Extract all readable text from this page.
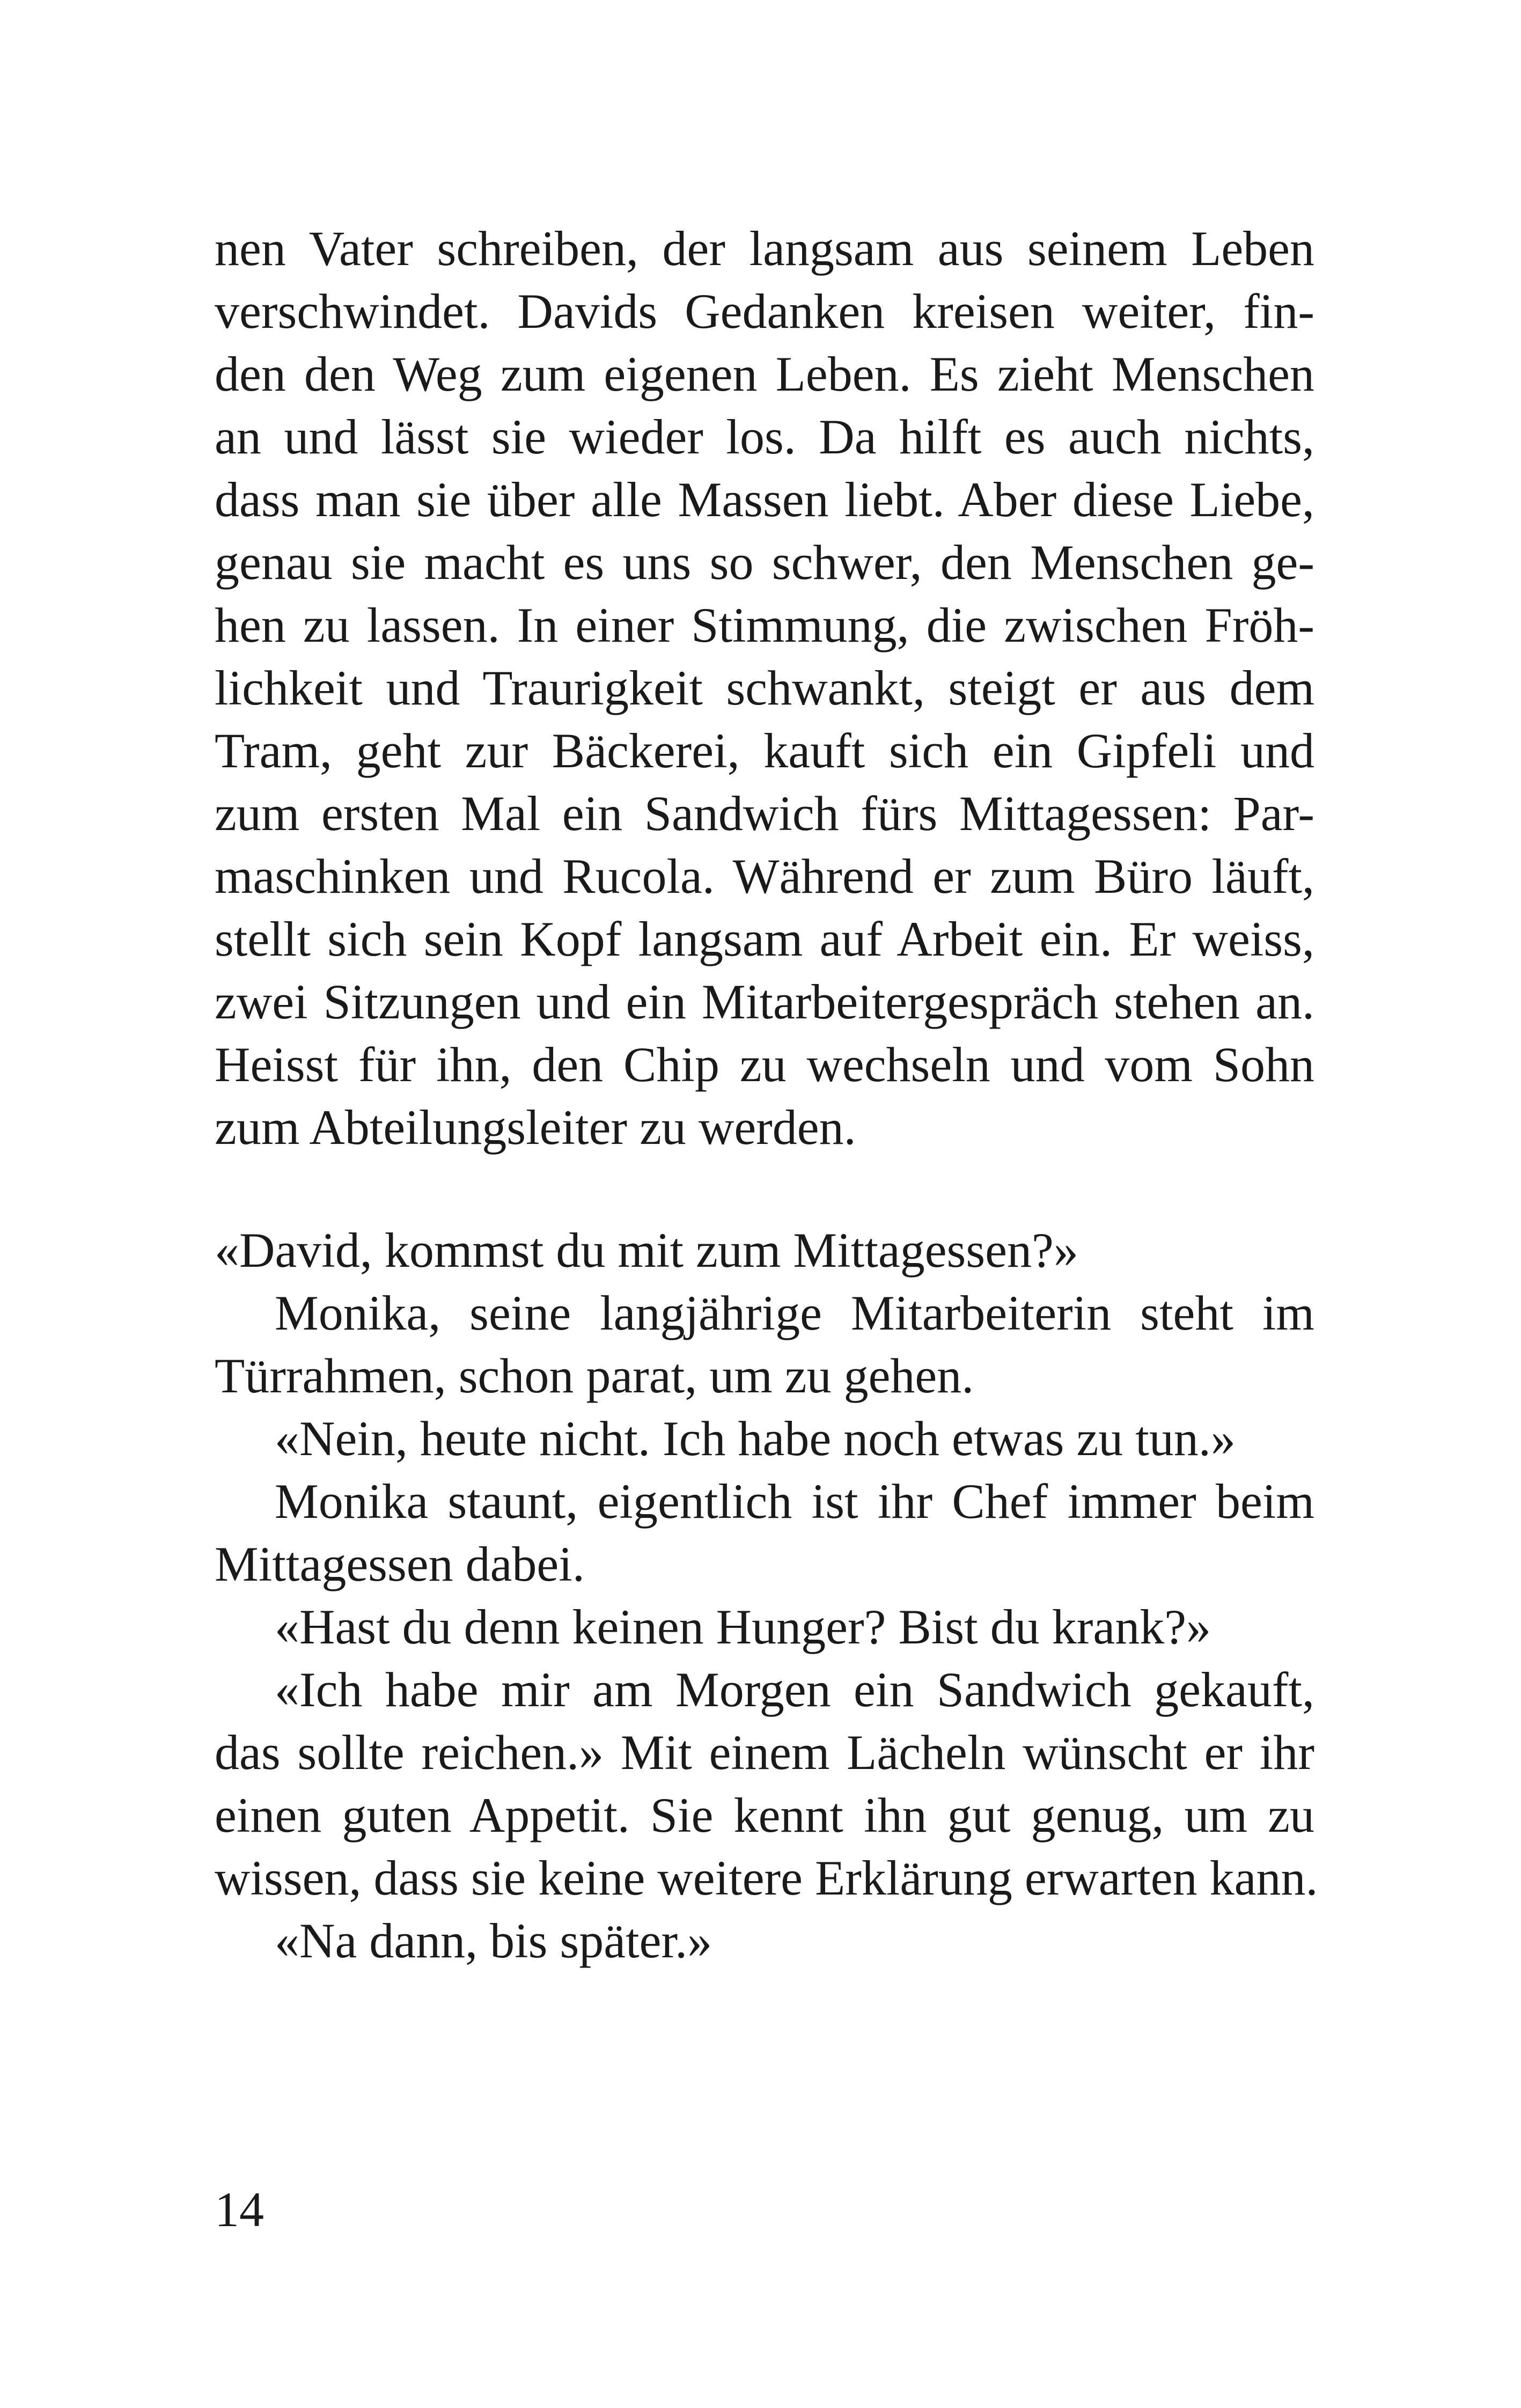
nen Vater schreiben, der langsam aus seinem Leben
verschwindet. Davids Gedanken kreisen weiter, fin-
den den Weg zum eigenen Leben. Es zieht Menschen
an und lässt sie wieder los. Da hilft es auch nichts,
dass man sie über alle Massen liebt. Aber diese Liebe,
genau sie macht es uns so schwer, den Menschen ge-
hen zu lassen. In einer Stimmung, die zwischen Fröh-
lichkeit und Traurigkeit schwankt, steigt er aus dem
Tram, geht zur Bäckerei, kauft sich ein Gipfeli und
zum ersten Mal ein Sandwich fürs Mittagessen: Par-
maschinken und Rucola. Während er zum Büro läuft,
stellt sich sein Kopf langsam auf Arbeit ein. Er weiss,
zwei Sitzungen und ein Mitarbeitergespräch stehen an.
Heisst für ihn, den Chip zu wechseln und vom Sohn
zum Abteilungsleiter zu werden.
«David, kommst du mit zum Mittagessen?»
Monika, seine langjährige Mitarbeiterin steht im
Türrahmen, schon parat, um zu gehen.
«Nein, heute nicht. Ich habe noch etwas zu tun.»
Monika staunt, eigentlich ist ihr Chef immer beim
Mittagessen dabei.
«Hast du denn keinen Hunger? Bist du krank?»
«Ich habe mir am Morgen ein Sandwich gekauft,
das sollte reichen.» Mit einem Lächeln wünscht er ihr
einen guten Appetit. Sie kennt ihn gut genug, um zu
wissen, dass sie keine weitere Erklärung erwarten kann.
«Na dann, bis später.»
14
